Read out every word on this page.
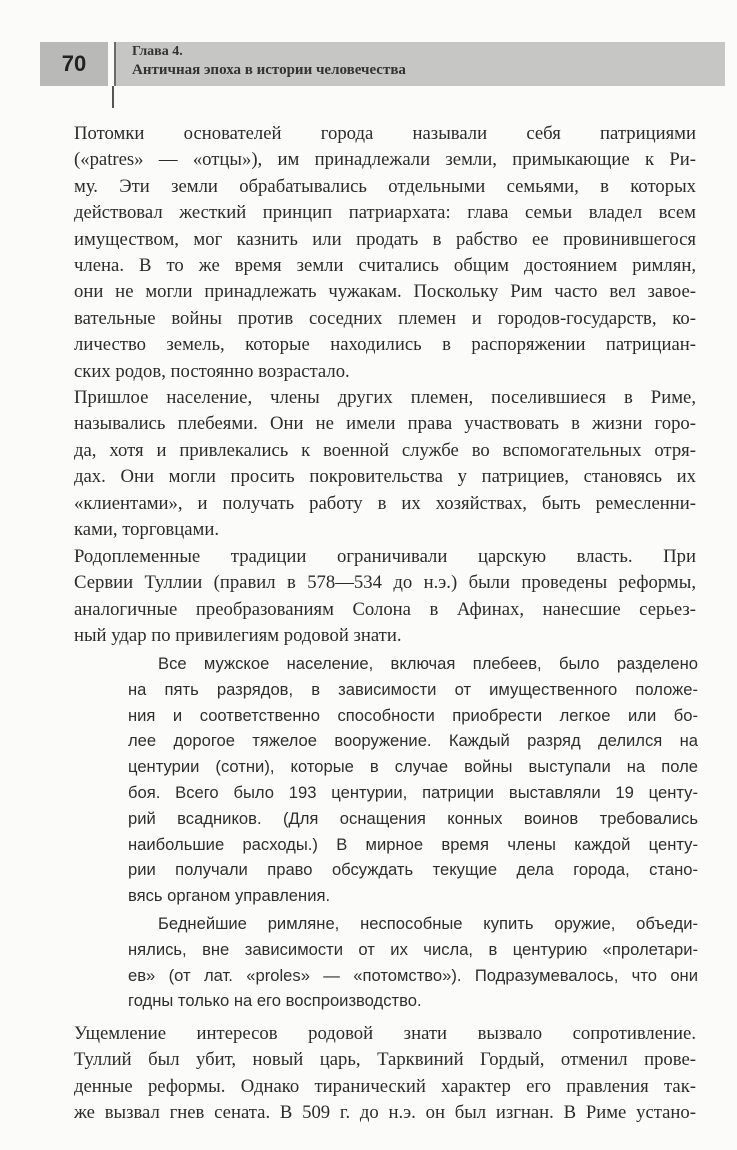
70	Глава 4.
Античная эпоха в истории человечества
Потомки основателей города называли себя патрициями
(«patres» — «отцы»), им принадлежали земли, примыкающие к Ри-
му. Эти земли обрабатывались отдельными семьями, в которых
действовал жесткий принцип патриархата: глава семьи владел всем
имуществом, мог казнить или продать в рабство ее провинившегося
члена. В то же время земли считались общим достоянием римлян,
они не могли принадлежать чужакам. Поскольку Рим часто вел завое-
вательные войны против соседних племен и городов-государств, ко-
личество земель, которые находились в распоряжении патрициан-
ских родов, постоянно возрастало.
Пришлое население, члены других племен, поселившиеся в Риме,
назывались плебеями. Они не имели права участвовать в жизни горо-
да, хотя и привлекались к военной службе во вспомогательных отря-
дах. Они могли просить покровительства у патрициев, становясь их
«клиентами», и получать работу в их хозяйствах, быть ремесленни-
ками, торговцами.
Родоплеменные традиции ограничивали царскую власть. При
Сервии Туллии (правил в 578—534 до н.э.) были проведены реформы,
аналогичные преобразованиям Солона в Афинах, нанесшие серьез-
ный удар по привилегиям родовой знати.
Все мужское население, включая плебеев, было разделено
на пять разрядов, в зависимости от имущественного положе-
ния и соответственно способности приобрести легкое или бо-
лее дорогое тяжелое вооружение. Каждый разряд делился на
центурии (сотни), которые в случае войны выступали на поле
боя. Всего было 193 центурии, патриции выставляли 19 центу-
рий всадников. (Для оснащения конных воинов требовались
наибольшие расходы.) В мирное время члены каждой центу-
рии получали право обсуждать текущие дела города, стано-
вясь органом управления.
Беднейшие римляне, неспособные купить оружие, объеди-
нялись, вне зависимости от их числа, в центурию «пролетари-
ев» (от лат. «proles» — «потомство»). Подразумевалось, что они
годны только на его воспроизводство.
Ущемление интересов родовой знати вызвало сопротивление.
Туллий был убит, новый царь, Тарквиний Гордый, отменил прове-
денные реформы. Однако тиранический характер его правления так-
же вызвал гнев сената. В 509 г. до н.э. он был изгнан. В Риме устано-
